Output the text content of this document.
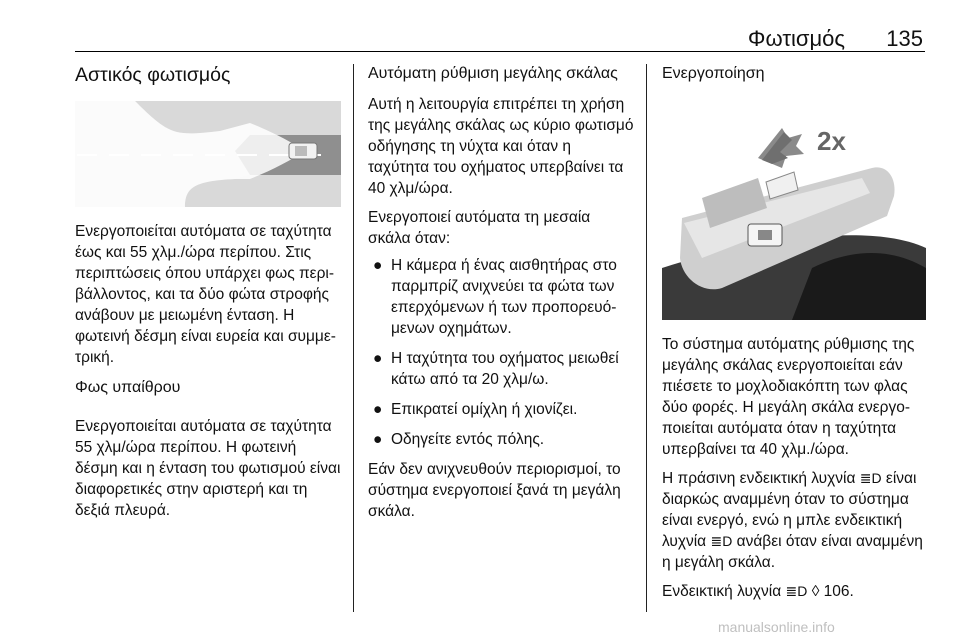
Φωτισμός 135
Αστικός φωτισμός

Ενεργοποιείται αυτόματα σε ταχύτητα έως και 55 χλμ./ώρα περίπου. Στις περιπτώσεις όπου υπάρχει φως περιβάλλοντος, και τα δύο φώτα στροφής ανάβουν με μειωμένη ένταση. Η φωτεινή δέσμη είναι ευρεία και συμμετρική.

Φως υπαίθρου

Ενεργοποιείται αυτόματα σε ταχύτητα 55 χλμ/ώρα περίπου. Η φωτεινή δέσμη και η ένταση του φωτισμού είναι διαφορετικές στην αριστερή και τη δεξιά πλευρά.

Αυτόματη ρύθμιση μεγάλης σκάλας

Αυτή η λειτουργία επιτρέπει τη χρήση της μεγάλης σκάλας ως κύριο φωτισμό οδήγησης τη νύχτα και όταν η ταχύτητα του οχήματος υπερβαίνει τα 40 χλμ/ώρα.

Ενεργοποιεί αυτόματα τη μεσαία σκάλα όταν:

● Η κάμερα ή ένας αισθητήρας στο παρμπρίζ ανιχνεύει τα φώτα των επερχόμενων ή των προπορευόμενων οχημάτων.
● Η ταχύτητα του οχήματος μειωθεί κάτω από τα 20 χλμ/ω.
● Επικρατεί ομίχλη ή χιονίζει.
● Οδηγείτε εντός πόλης.

Εάν δεν ανιχνευθούν περιορισμοί, το σύστημα ενεργοποιεί ξανά τη μεγάλη σκάλα.

Ενεργοποίηση
2x

Το σύστημα αυτόματης ρύθμισης της μεγάλης σκάλας ενεργοποιείται εάν πιέσετε το μοχλοδιακόπτη των φλας δύο φορές. Η μεγάλη σκάλα ενεργοποιείται αυτόματα όταν η ταχύτητα υπερβαίνει τα 40 χλμ./ώρα.

Η πράσινη ενδεικτική λυχνία ≣D είναι διαρκώς αναμμένη όταν το σύστημα είναι ενεργό, ενώ η μπλε ενδεικτική λυχνία ≣D ανάβει όταν είναι αναμμένη η μεγάλη σκάλα.

Ενδεικτική λυχνία ≣D ◊ 106.

manualsonline.info
